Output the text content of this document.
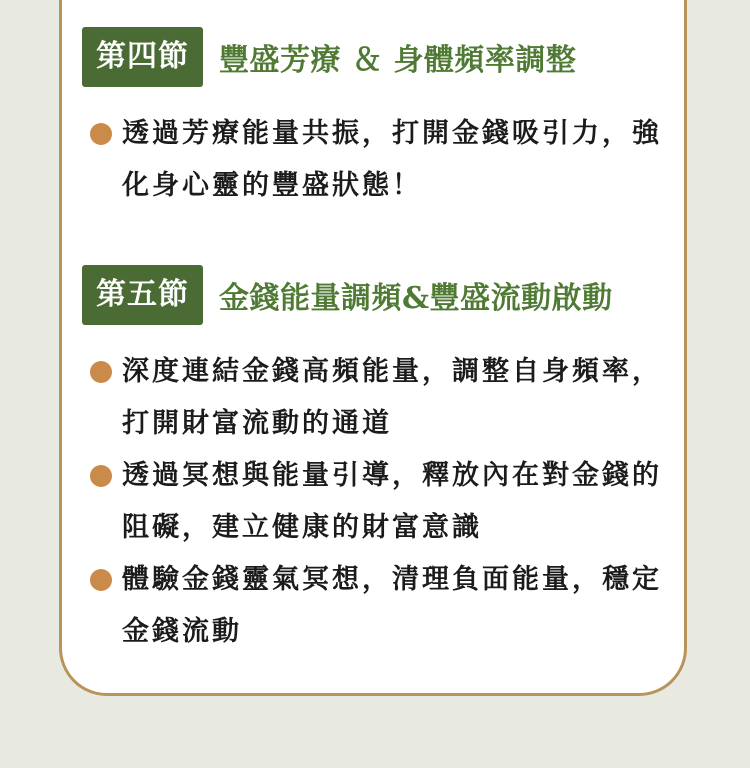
第四節	豐盛芳療 ＆ 身體頻率調整
透過芳療能量共振，打開金錢吸引力，強化身心靈的豐盛狀態！
第五節	金錢能量調頻&豐盛流動啟動
深度連結金錢高頻能量，調整自身頻率，打開財富流動的通道
透過冥想與能量引導，釋放內在對金錢的阻礙，建立健康的財富意識
體驗金錢靈氣冥想，清理負面能量，穩定金錢流動
